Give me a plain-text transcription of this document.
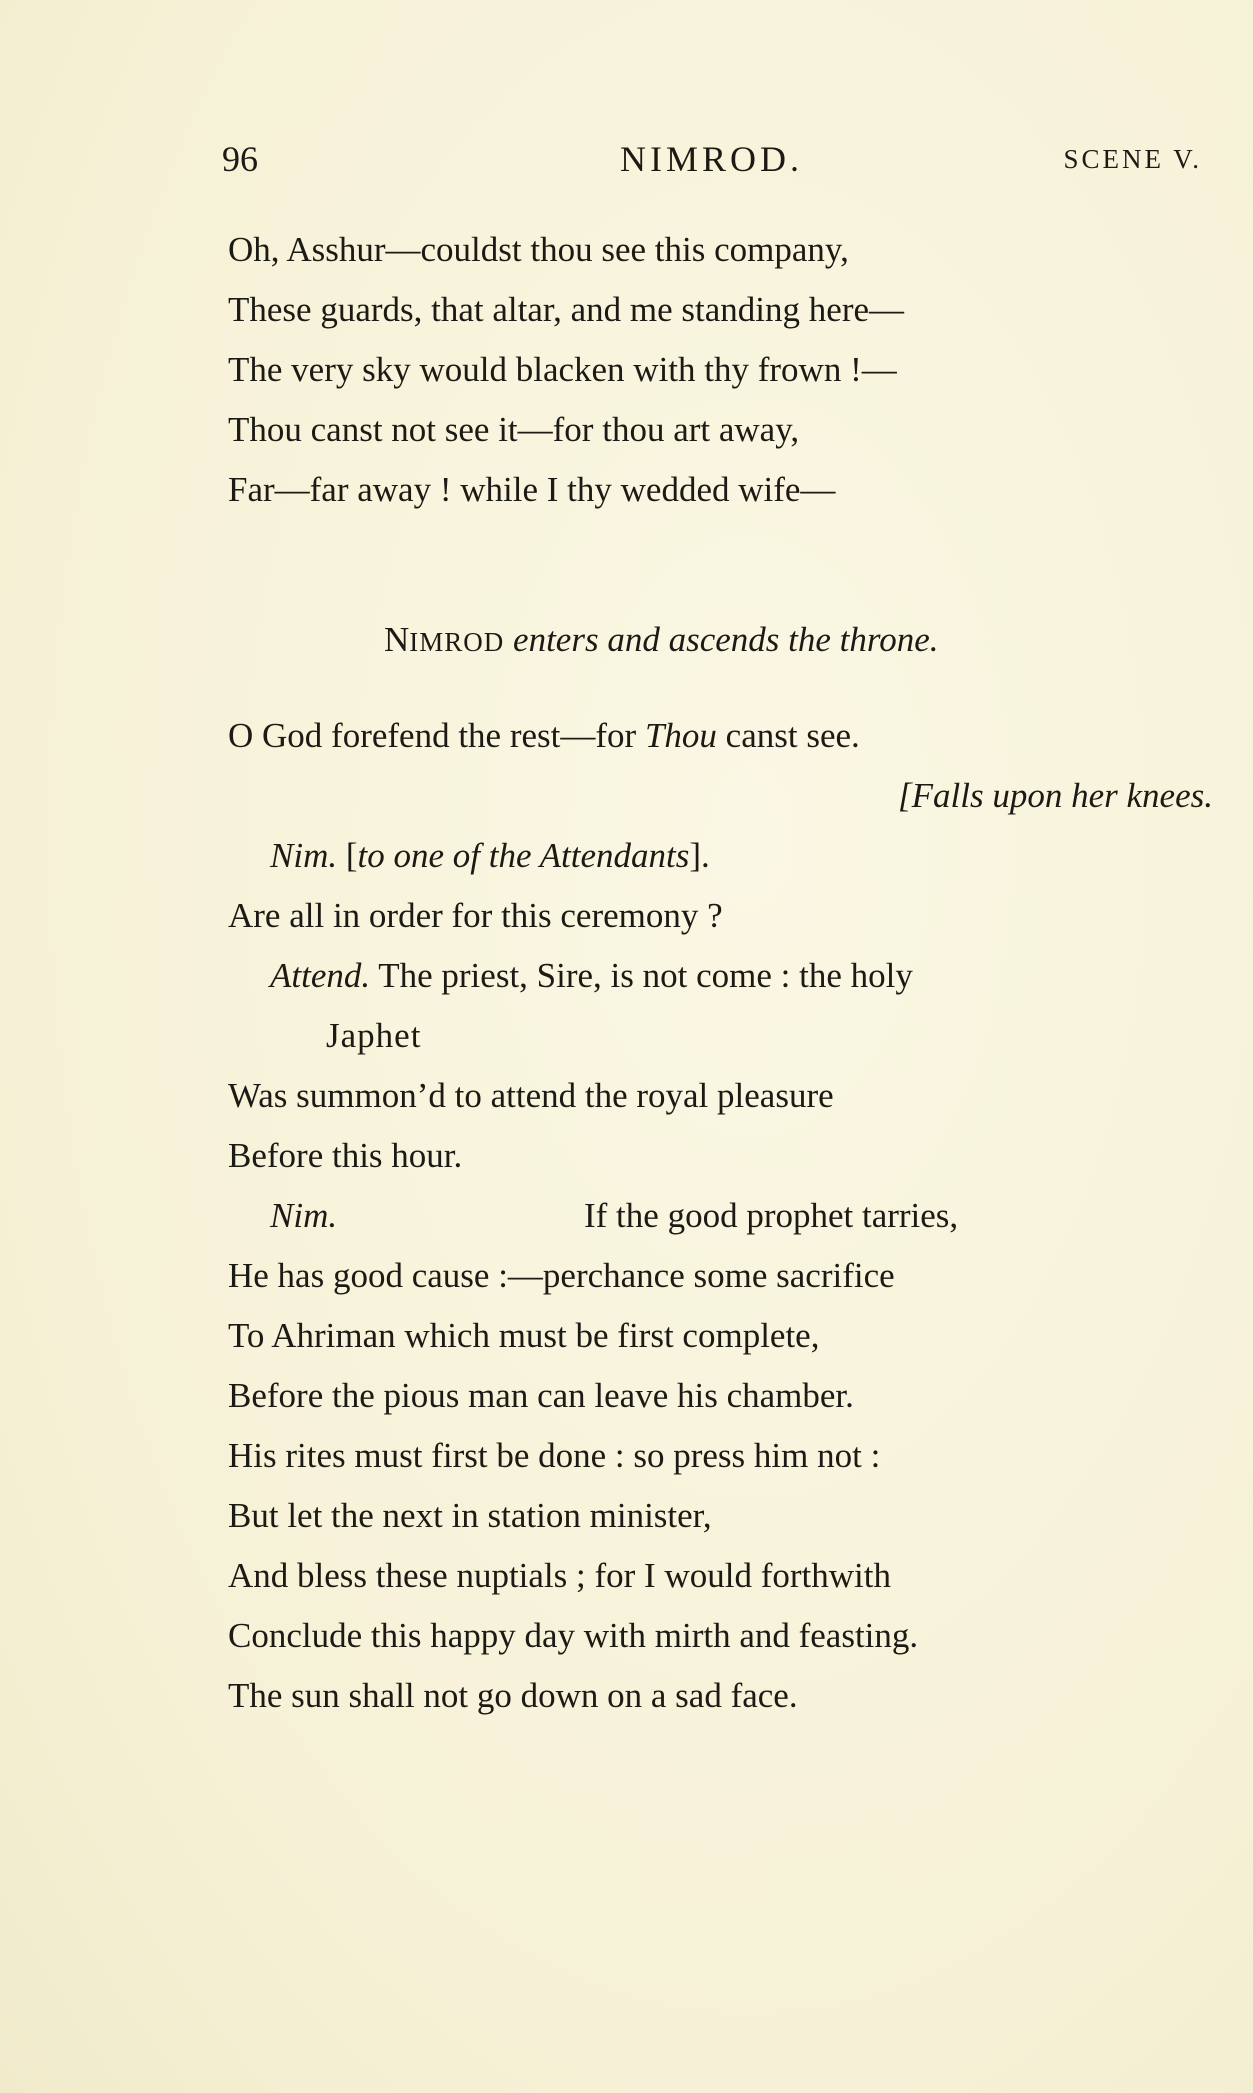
96	NIMROD.	SCENE V.
Oh, Asshur—couldst thou see this company,
These guards, that altar, and me standing here—
The very sky would blacken with thy frown !—
Thou canst not see it—for thou art away,
Far—far away ! while I thy wedded wife—
NIMROD enters and ascends the throne.
O God forefend the rest—for Thou canst see.
[Falls upon her knees.
Nim. [to one of the Attendants].
Are all in order for this ceremony ?
Attend. The priest, Sire, is not come : the holy
Japhet
Was summon’d to attend the royal pleasure
Before this hour.
Nim.	If the good prophet tarries,
He has good cause :—perchance some sacrifice
To Ahriman which must be first complete,
Before the pious man can leave his chamber.
His rites must first be done : so press him not :
But let the next in station minister,
And bless these nuptials ; for I would forthwith
Conclude this happy day with mirth and feasting.
The sun shall not go down on a sad face.
